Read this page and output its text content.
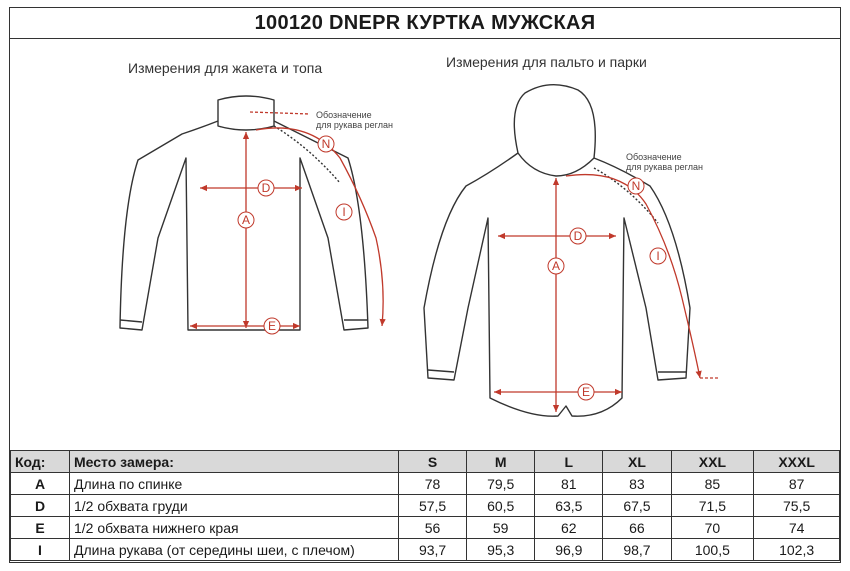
100120 DNEPR КУРТКА МУЖСКАЯ
Измерения для жакета и топа	Измерения для пальто и парки
A
D
E
N
I
Обозначение
для рукава реглан
A
D
E
N
I
Обозначение
для рукава реглан
Код:	Место замера:	S	M	L	XL	XXL	XXXL
A	Длина по спинке	78	79,5	81	83	85	87
D	1/2 обхвата груди	57,5	60,5	63,5	67,5	71,5	75,5
E	1/2 обхвата нижнего края	56	59	62	66	70	74
I	Длина рукава (от середины шеи, с плечом)	93,7	95,3	96,9	98,7	100,5	102,3
